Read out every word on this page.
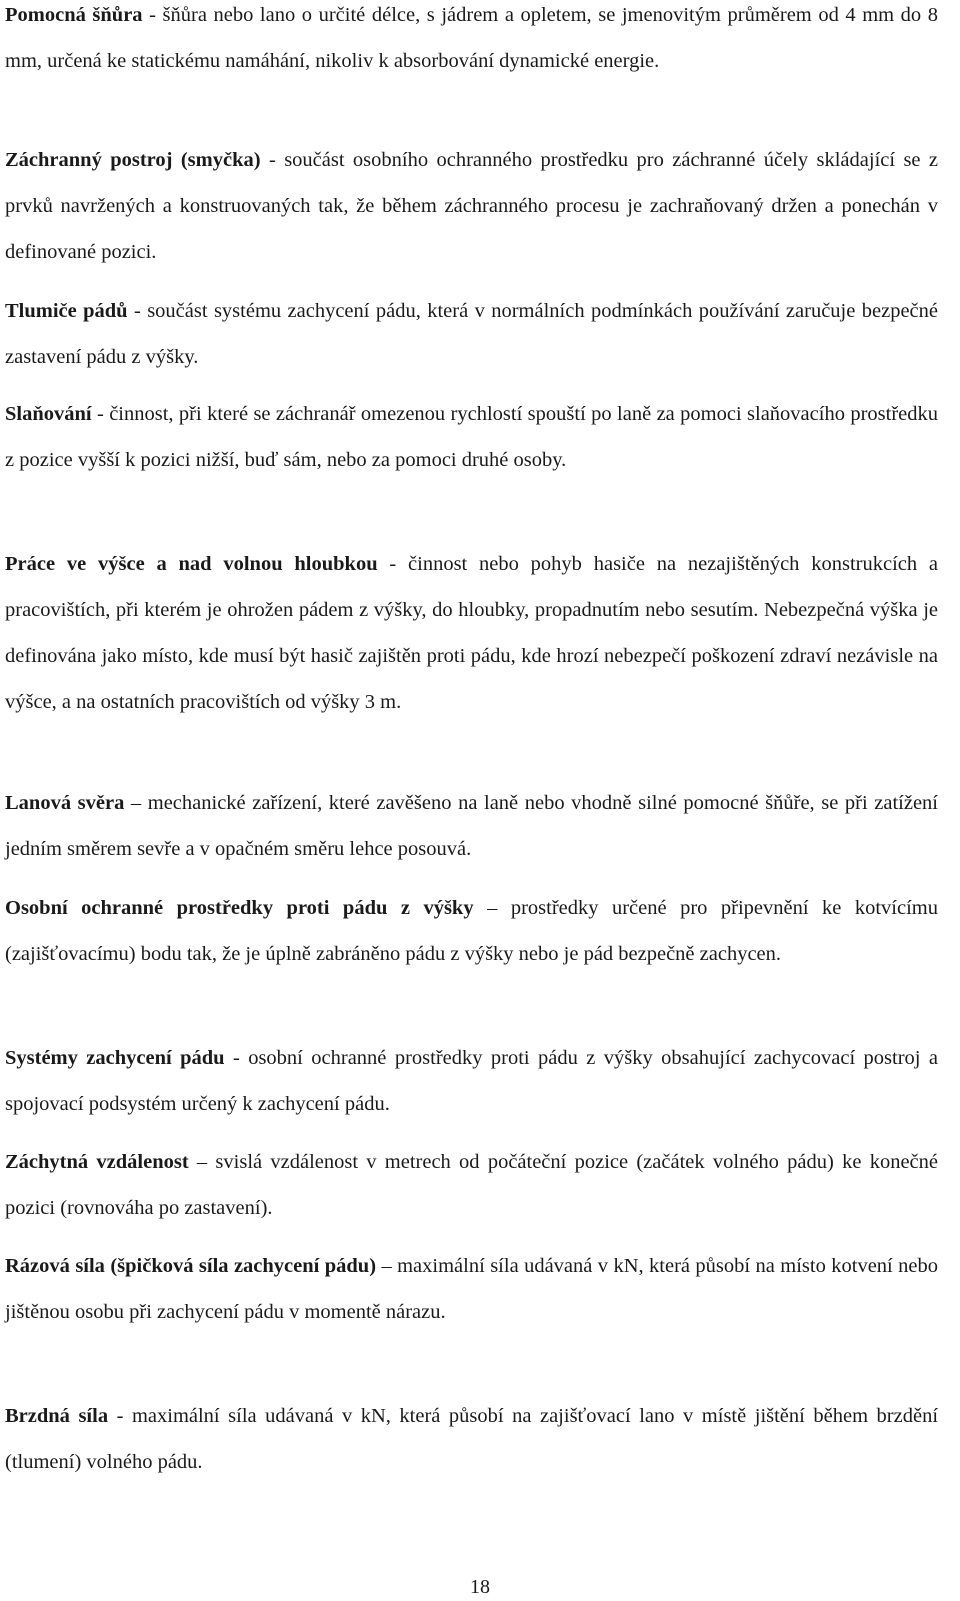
Pomocná šňůra - šňůra nebo lano o určité délce, s jádrem a opletem, se jmenovitým průměrem od 4 mm do 8 mm, určená ke statickému namáhání, nikoliv k absorbování dynamické energie.

Záchranný postroj (smyčka) - součást osobního ochranného prostředku pro záchranné účely skládající se z prvků navržených a konstruovaných tak, že během záchranného procesu je zachraňovaný držen a ponechán v definované pozici.

Tlumiče pádů - součást systému zachycení pádu, která v normálních podmínkách používání zaručuje bezpečné zastavení pádu z výšky.

Slaňování - činnost, při které se záchranář omezenou rychlostí spouští po laně za pomoci slaňovacího prostředku z pozice vyšší k pozici nižší, buď sám, nebo za pomoci druhé osoby.

Práce ve výšce a nad volnou hloubkou - činnost nebo pohyb hasiče na nezajištěných konstrukcích a pracovištích, při kterém je ohrožen pádem z výšky, do hloubky, propadnutím nebo sesutím. Nebezpečná výška je definována jako místo, kde musí být hasič zajištěn proti pádu, kde hrozí nebezpečí poškození zdraví nezávisle na výšce, a na ostatních pracovištích od výšky 3 m.

Lanová svěra – mechanické zařízení, které zavěšeno na laně nebo vhodně silné pomocné šňůře, se při zatížení jedním směrem sevře a v opačném směru lehce posouvá.

Osobní ochranné prostředky proti pádu z výšky – prostředky určené pro připevnění ke kotvícímu (zajišťovacímu) bodu tak, že je úplně zabráněno pádu z výšky nebo je pád bezpečně zachycen.

Systémy zachycení pádu - osobní ochranné prostředky proti pádu z výšky obsahující zachycovací postroj a spojovací podsystém určený k zachycení pádu.

Záchytná vzdálenost – svislá vzdálenost v metrech od počáteční pozice (začátek volného pádu) ke konečné pozici (rovnováha po zastavení).

Rázová síla (špičková síla zachycení pádu) – maximální síla udávaná v kN, která působí na místo kotvení nebo jištěnou osobu při zachycení pádu v momentě nárazu.

Brzdná síla - maximální síla udávaná v kN, která působí na zajišťovací lano v místě jištění během brzdění (tlumení) volného pádu.

18
